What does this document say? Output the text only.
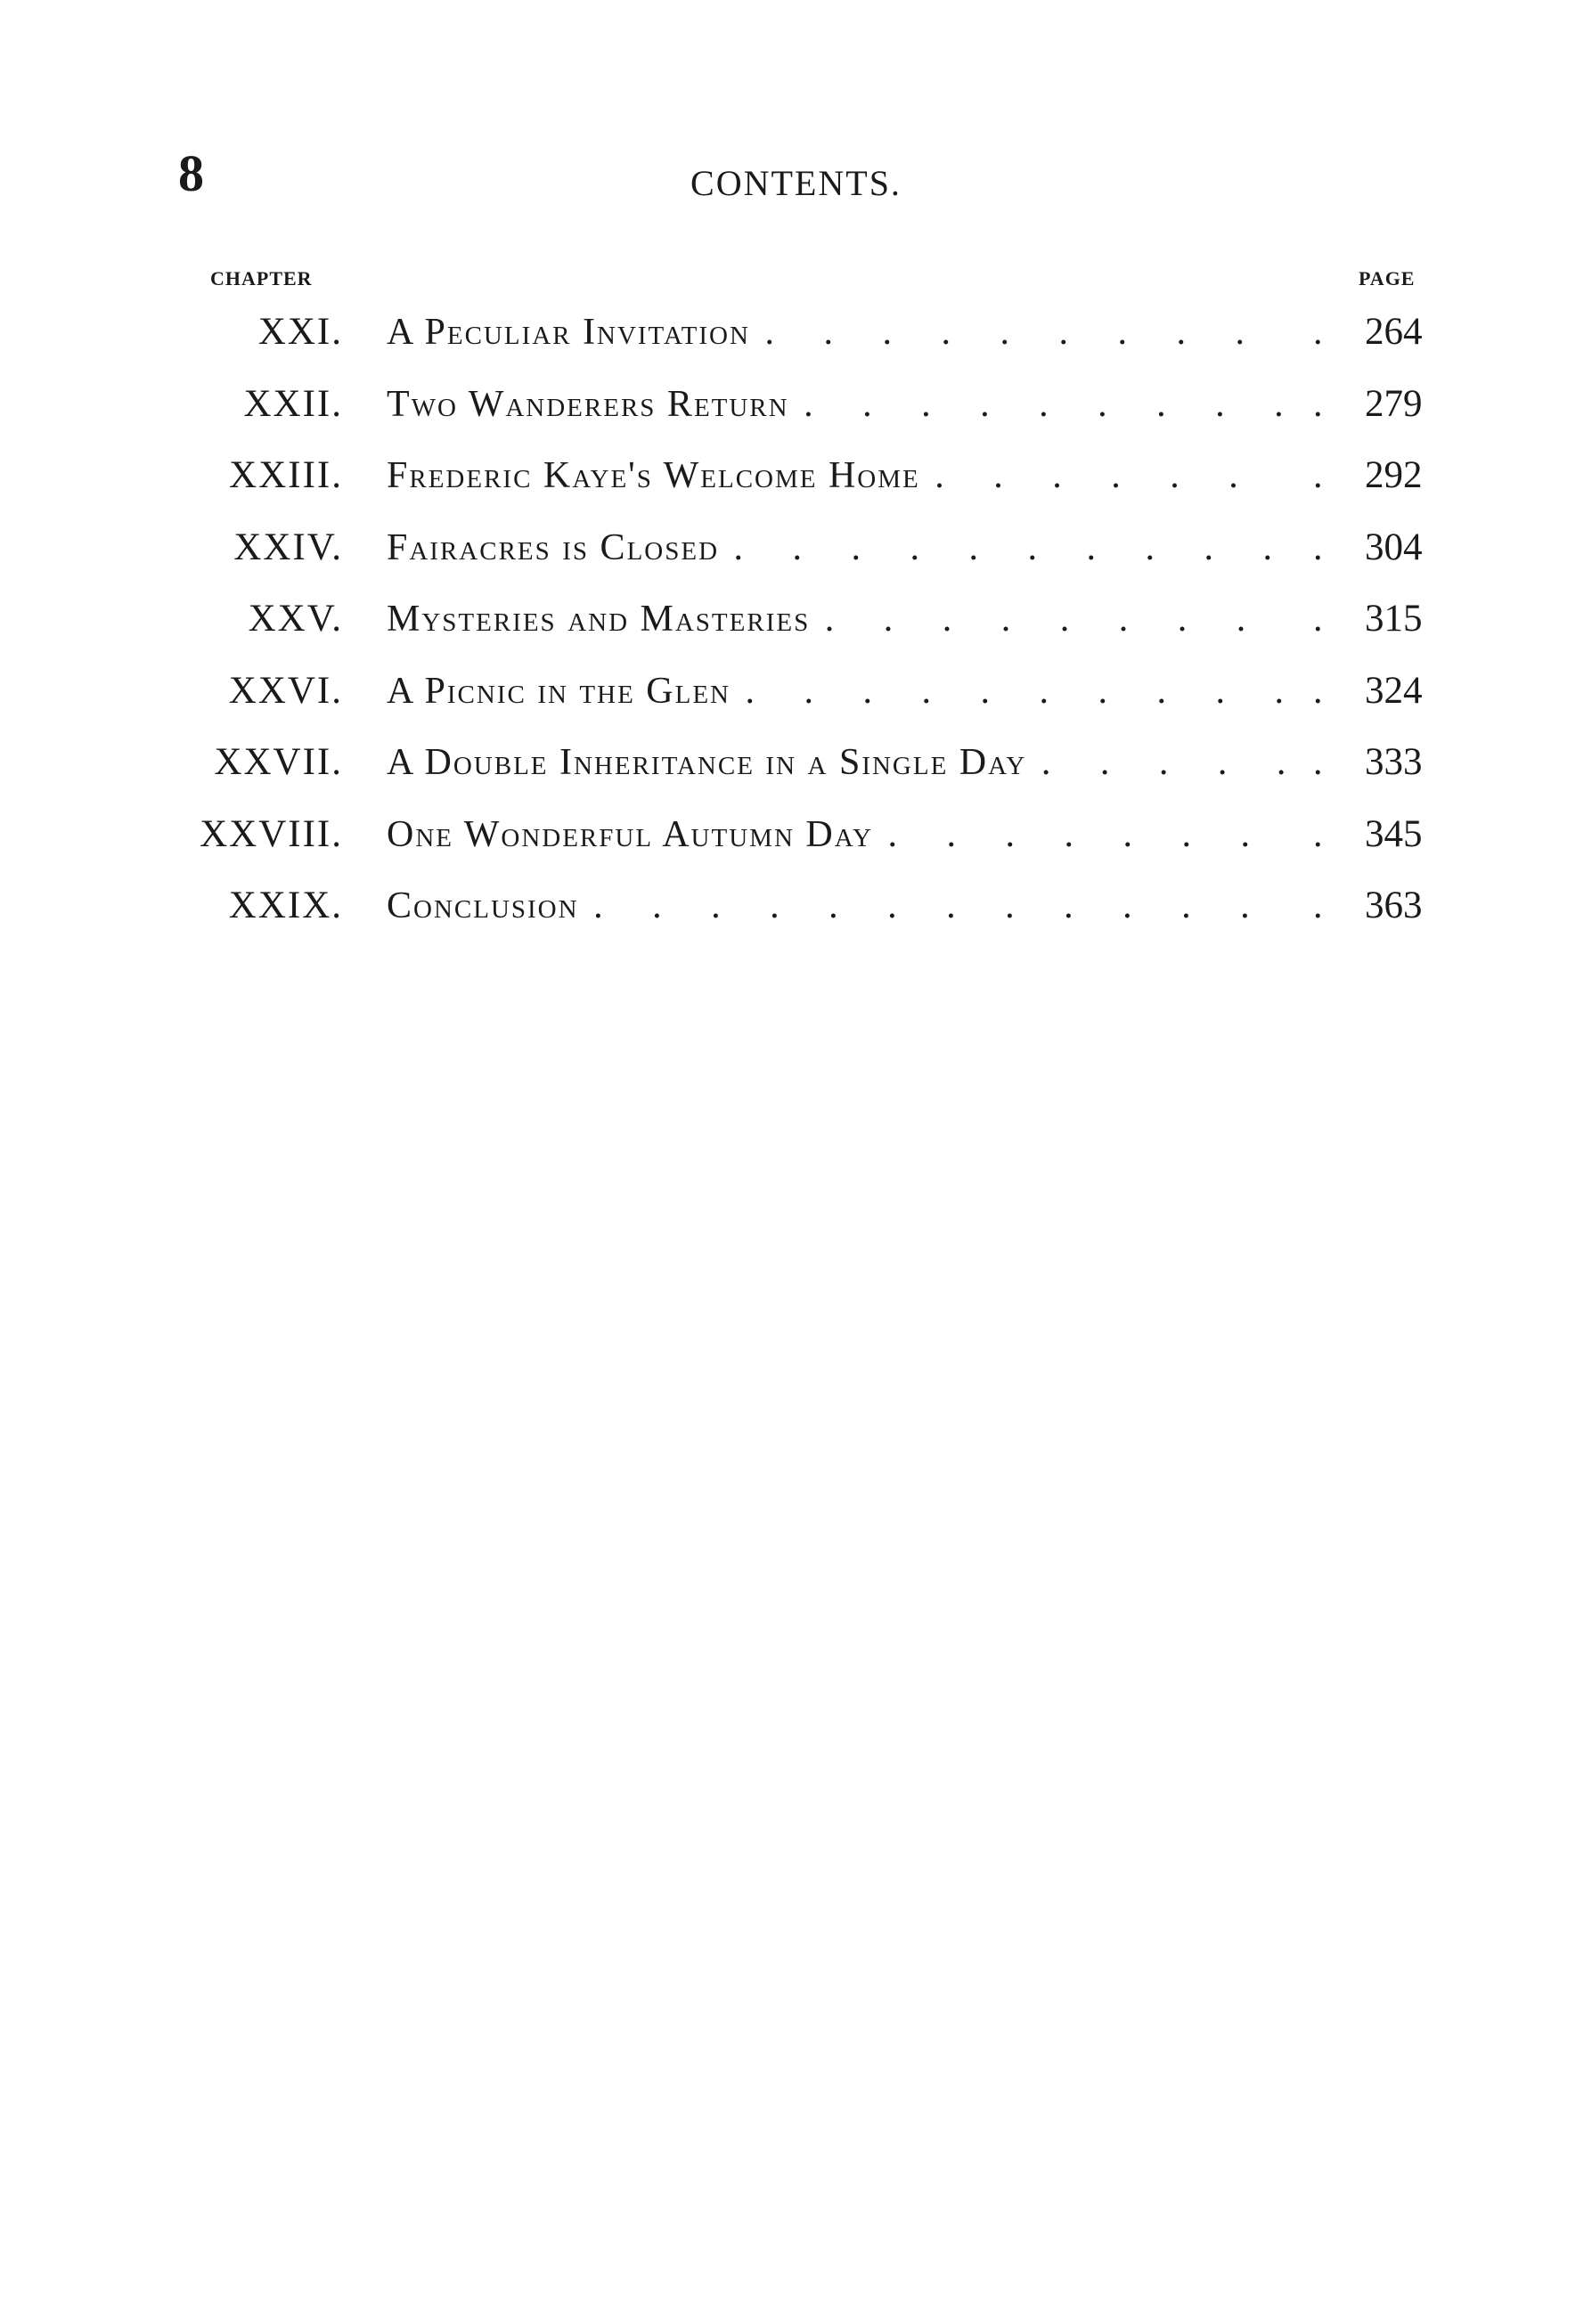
8	CONTENTS.
CHAPTER	PAGE
XXI. A Peculiar Invitation . .	. 264
XXII. Two Wanderers Return . .	. 279
XXIII. Frederic Kaye's Welcome Home . .	. 292
XXIV. Fairacres is Closed . .	. 304
XXV. Mysteries and Masteries . .	. 315
XXVI. A Picnic in the Glen . .	. 324
XXVII. A Double Inheritance in a Single Day . .	. 333
XXVIII. One Wonderful Autumn Day . .	. 345
XXIX. Conclusion . .	. 363
